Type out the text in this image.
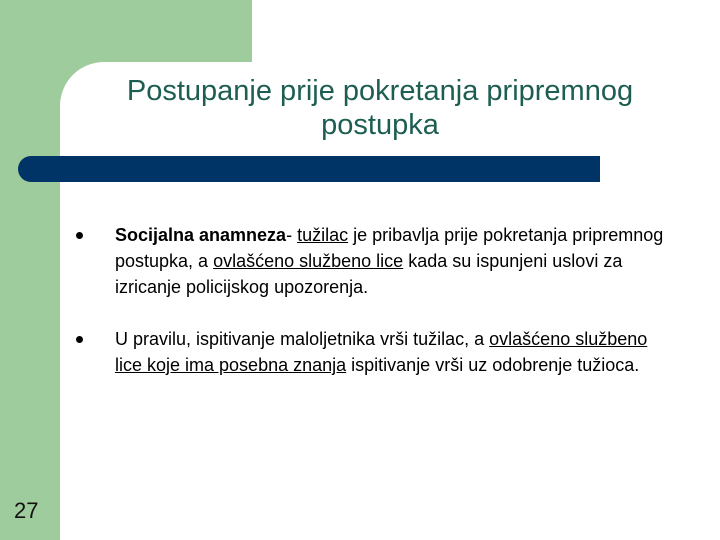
Postupanje prije pokretanja pripremnog
postupka
Socijalna anamneza- tužilac je pribavlja prije pokretanja pripremnog postupka, a ovlašćeno službeno lice kada su ispunjeni uslovi za izricanje policijskog upozorenja.
U pravilu, ispitivanje maloljetnika vrši tužilac, a ovlašćeno službeno lice koje ima posebna znanja ispitivanje vrši uz odobrenje tužioca.
27
